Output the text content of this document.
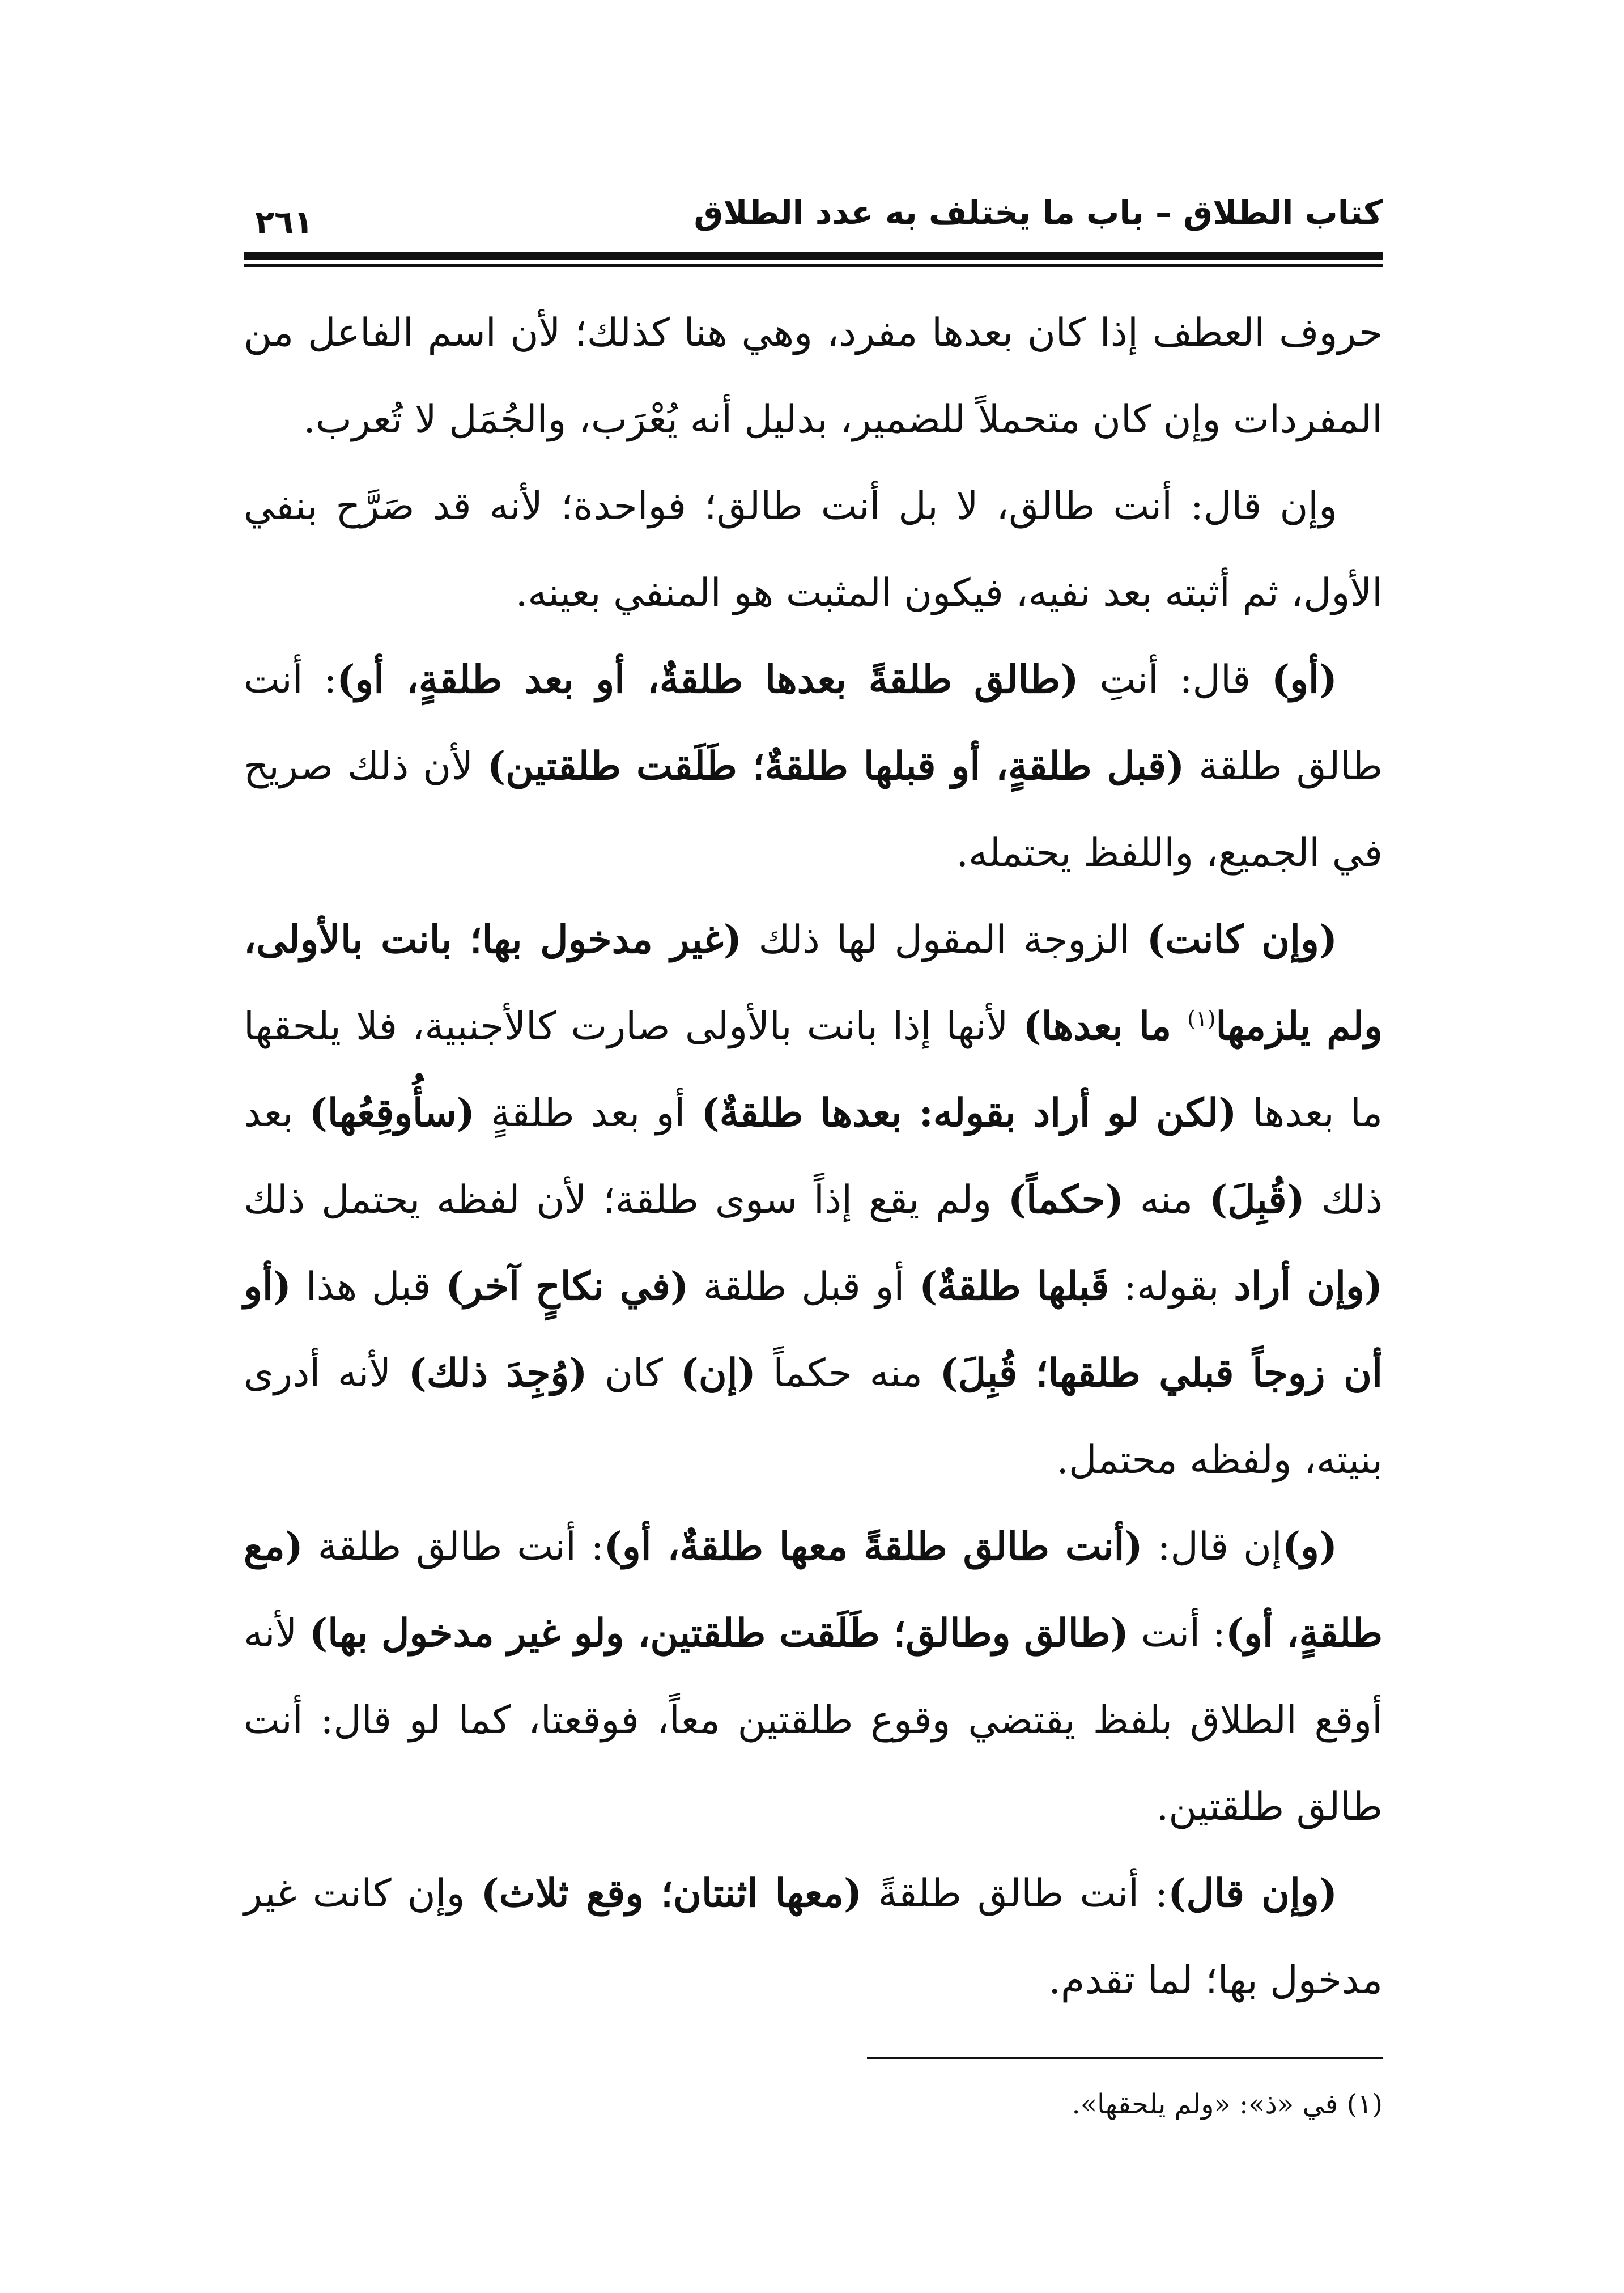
كتاب الطلاق – باب ما يختلف به عدد الطلاق
٢٦١

حروف العطف إذا كان بعدها مفرد، وهي هنا كذلك؛ لأن اسم الفاعل من المفردات وإن كان متحملاً للضمير، بدليل أنه يُعْرَب، والجُمَل لا تُعرب.

وإن قال: أنت طالق، لا بل أنت طالق؛ فواحدة؛ لأنه قد صَرَّح بنفي الأول، ثم أثبته بعد نفيه، فيكون المثبت هو المنفي بعينه.

(أو) قال: أنتِ (طالق طلقةً بعدها طلقةٌ، أو بعد طلقةٍ، أو): أنت طالق طلقة (قبل طلقةٍ، أو قبلها طلقةٌ؛ طَلَقت طلقتين) لأن ذلك صريح في الجميع، واللفظ يحتمله.

(وإن كانت) الزوجة المقول لها ذلك (غير مدخول بها؛ بانت بالأولى، ولم يلزمها$^{(١)}$ ما بعدها) لأنها إذا بانت بالأولى صارت كالأجنبية، فلا يلحقها ما بعدها (لكن لو أراد بقوله: بعدها طلقةٌ) أو بعد طلقةٍ (سأُوقِعُها) بعد ذلك (قُبِلَ) منه (حكماً) ولم يقع إذاً سوى طلقة؛ لأن لفظه يحتمل ذلك (وإن أراد بقوله: قَبلها طلقةٌ) أو قبل طلقة (في نكاحٍ آخر) قبل هذا (أو أن زوجاً قبلي طلقها؛ قُبِلَ) منه حكماً (إن) كان (وُجِدَ ذلك) لأنه أدرى بنيته، ولفظه محتمل.

(و)إن قال: (أنت طالق طلقةً معها طلقةٌ، أو): أنت طالق طلقة (مع طلقةٍ، أو): أنت (طالق وطالق؛ طَلَقت طلقتين، ولو غير مدخول بها) لأنه أوقع الطلاق بلفظ يقتضي وقوع طلقتين معاً، فوقعتا، كما لو قال: أنت طالق طلقتين.

(وإن قال): أنت طالق طلقةً (معها اثنتان؛ وقع ثلاث) وإن كانت غير مدخول بها؛ لما تقدم.

(١) في «ذ»: «ولم يلحقها».
